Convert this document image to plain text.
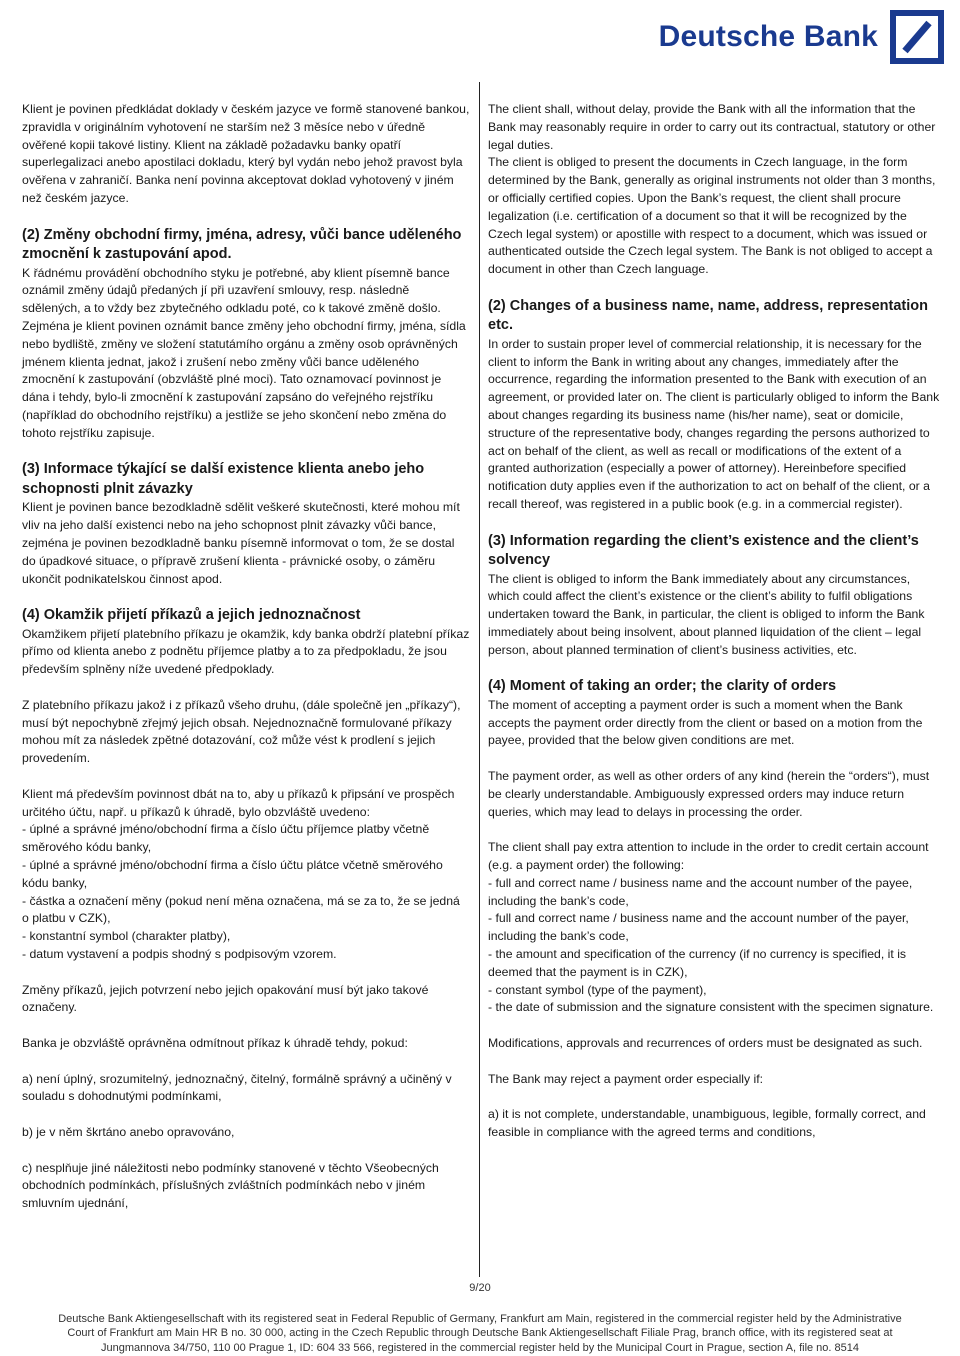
Deutsche Bank

Klient je povinen předkládat doklady v českém jazyce ve formě stanovené bankou, zpravidla v originálním vyhotovení ne starším než 3 měsíce nebo v úředně ověřené kopii takové listiny. Klient na základě požadavku banky opatří superlegalizaci anebo apostilaci dokladu, který byl vydán nebo jehož pravost byla ověřena v zahraničí. Banka není povinna akceptovat doklad vyhotovený v jiném než českém jazyce.

(2) Změny obchodní firmy, jména, adresy, vůči bance uděleného zmocnění k zastupování apod.

K řádnému provádění obchodního styku je potřebné, aby klient písemně bance oznámil změny údajů předaných jí při uzavření smlouvy, resp. následně sdělených, a to vždy bez zbytečného odkladu poté, co k takové změně došlo. Zejména je klient povinen oznámit bance změny jeho obchodní firmy, jména, sídla nebo bydliště, změny ve složení statutámího orgánu a změny osob oprávněných jménem klienta jednat, jakož i zrušení nebo změny vůči bance uděleného zmocnění k zastupování (obzvláště plné moci). Tato oznamovací povinnost je dána i tehdy, bylo-li zmocnění k zastupování zapsáno do veřejného rejstříku (například do obchodního rejstříku) a jestliže se jeho skončení nebo změna do tohoto rejstříku zapisuje.

(3) Informace týkající se další existence klienta anebo jeho schopnosti plnit závazky

Klient je povinen bance bezodkladně sdělit veškeré skutečnosti, které mohou mít vliv na jeho další existenci nebo na jeho schopnost plnit závazky vůči bance, zejména je povinen bezodkladně banku písemně informovat o tom, že se dostal do úpadkové situace, o přípravě zrušení klienta - právnické osoby, o záměru ukončit podnikatelskou činnost apod.

(4) Okamžik přijetí příkazů a jejich jednoznačnost

Okamžikem přijetí platebního příkazu je okamžik, kdy banka obdrží platební příkaz přímo od klienta anebo z podnětu příjemce platby a to za předpokladu, že jsou především splněny níže uvedené předpoklady.

Z platebního příkazu jakož i z příkazů všeho druhu, (dále společně jen „příkazy“), musí být nepochybně zřejmý jejich obsah. Nejednoznačně formulované příkazy mohou mít za následek zpětné dotazování, což může vést k prodlení s jejich provedením.

Klient má především povinnost dbát na to, aby u příkazů k připsání ve prospěch určitého účtu, např. u příkazů k úhradě, bylo obzvláště uvedeno:

- úplné a správné jméno/obchodní firma a číslo účtu příjemce platby včetně směrového kódu banky,

- úplné a správné jméno/obchodní firma a číslo účtu plátce včetně směrového kódu banky,

- částka a označení měny (pokud není měna označena, má se za to, že se jedná o platbu v CZK),

- konstantní symbol (charakter platby),

- datum vystavení a podpis shodný s podpisovým vzorem.

Změny příkazů, jejich potvrzení nebo jejich opakování musí být jako takové označeny.

Banka je obzvláště oprávněna odmítnout příkaz k úhradě tehdy, pokud:

a) není úplný, srozumitelný, jednoznačný, čitelný, formálně správný a učiněný v souladu s dohodnutými podmínkami,

b) je v něm škrtáno anebo opravováno,

c) nesplňuje jiné náležitosti nebo podmínky stanovené v těchto Všeobecných obchodních podmínkách, příslušných zvláštních podmínkách nebo v jiném smluvním ujednání,

The client shall, without delay, provide the Bank with all the information that the Bank may reasonably require in order to carry out its contractual, statutory or other legal duties.

The client is obliged to present the documents in Czech language, in the form determined by the Bank, generally as original instruments not older than 3 months, or officially certified copies. Upon the Bank’s request, the client shall procure legalization (i.e. certification of a document so that it will be recognized by the Czech legal system) or apostille with respect to a document, which was issued or authenticated outside the Czech legal system. The Bank is not obliged to accept a document in other than Czech language.

(2) Changes of a business name, name, address, representation etc.

In order to sustain proper level of commercial relationship, it is necessary for the client to inform the Bank in writing about any changes, immediately after the occurrence, regarding the information presented to the Bank with execution of an agreement, or provided later on. The client is particularly obliged to inform the Bank about changes regarding its business name (his/her name), seat or domicile, structure of the representative body, changes regarding the persons authorized to act on behalf of the client, as well as recall or modifications of the extent of a granted authorization (especially a power of attorney). Hereinbefore specified notification duty applies even if the authorization to act on behalf of the client, or a recall thereof, was registered in a public book (e.g. in a commercial register).

(3) Information regarding the client’s existence and the client’s solvency

The client is obliged to inform the Bank immediately about any circumstances, which could affect the client’s existence or the client’s ability to fulfil obligations undertaken toward the Bank, in particular, the client is obliged to inform the Bank immediately about being insolvent, about planned liquidation of the client – legal person, about planned termination of client’s business activities, etc.

(4) Moment of taking an order; the clarity of orders

The moment of accepting a payment order is such a moment when the Bank accepts the payment order directly from the client or based on a motion from the payee, provided that the below given conditions are met.

The payment order, as well as other orders of any kind (herein the “orders“), must be clearly understandable. Ambiguously expressed orders may induce return queries, which may lead to delays in processing the order.

The client shall pay extra attention to include in the order to credit certain account (e.g. a payment order) the following:

- full and correct name / business name and the account number of the payee, including the bank’s code,

- full and correct name / business name and the account number of the payer, including the bank’s code,

- the amount and specification of the currency (if no currency is specified, it is deemed that the payment is in CZK),

- constant symbol (type of the payment),

- the date of submission and the signature consistent with the specimen signature.

Modifications, approvals and recurrences of orders must be designated as such.

The Bank may reject a payment order especially if:

a) it is not complete, understandable, unambiguous, legible, formally correct, and feasible in compliance with the agreed terms and conditions,

9/20
Deutsche Bank Aktiengesellschaft with its registered seat in Federal Republic of Germany, Frankfurt am Main, registered in the commercial register held by the Administrative
Court of Frankfurt am Main HR B no. 30 000, acting in the Czech Republic through Deutsche Bank Aktiengesellschaft Filiale Prag, branch office, with its registered seat at
Jungmannova 34/750, 110 00 Prague 1, ID: 604 33 566, registered in the commercial register held by the Municipal Court in Prague, section A, file no. 8514
